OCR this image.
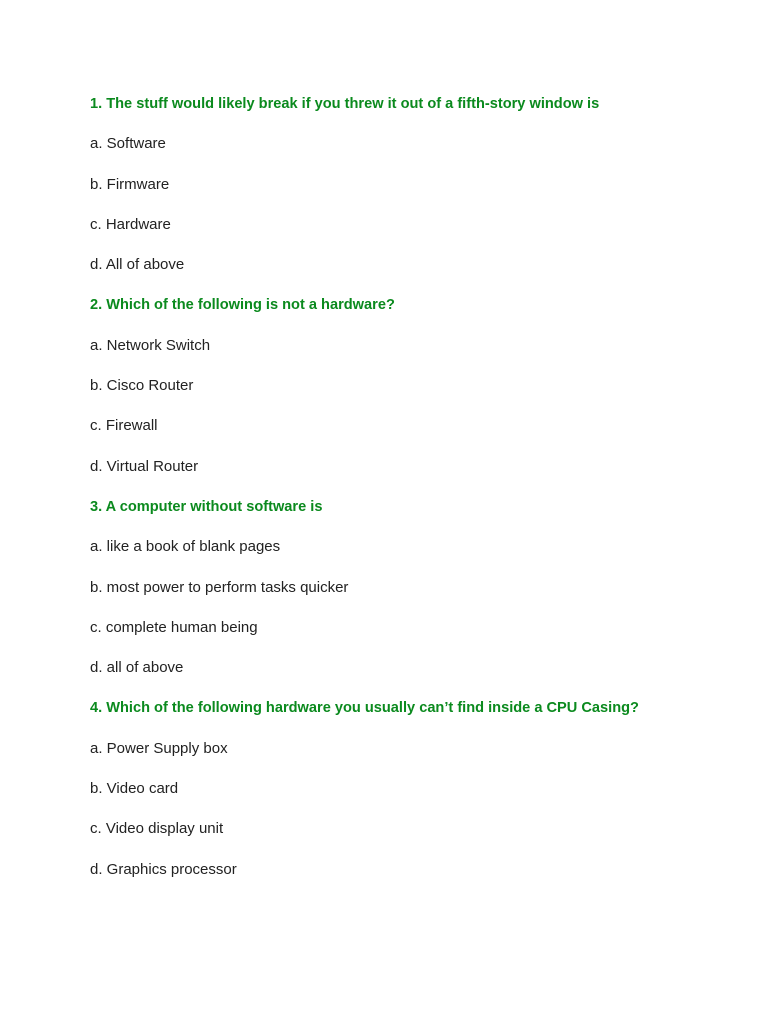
1. The stuff would likely break if you threw it out of a fifth-story window is
a. Software
b. Firmware
c. Hardware
d. All of above
2. Which of the following is not a hardware?
a. Network Switch
b. Cisco Router
c. Firewall
d. Virtual Router
3. A computer without software is
a. like a book of blank pages
b. most power to perform tasks quicker
c. complete human being
d. all of above
4. Which of the following hardware you usually can’t find inside a CPU Casing?
a. Power Supply box
b. Video card
c. Video display unit
d. Graphics processor
